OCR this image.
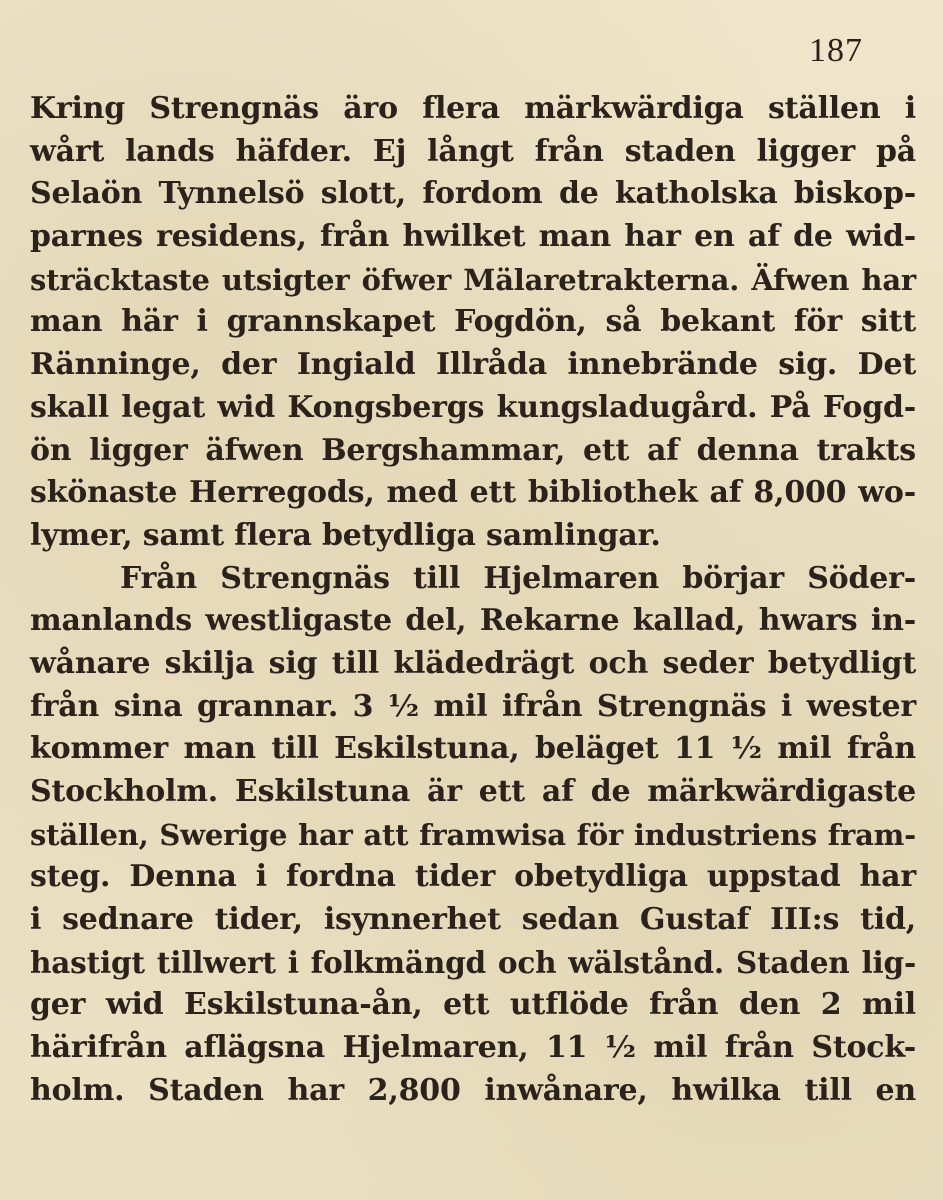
187
Kring Strengnäs äro flera märkwärdiga ställen i
wårt lands häfder. Ej långt från staden ligger på
Selaön Tynnelsö slott, fordom de katholska biskop-
parnes residens, från hwilket man har en af de wid-
sträcktaste utsigter öfwer Mälaretrakterna. Äfwen har
man här i grannskapet Fogdön, så bekant för sitt
Ränninge, der Ingiald Illråda innebrände sig. Det
skall legat wid Kongsbergs kungsladugård. På Fogd-
ön ligger äfwen Bergshammar, ett af denna trakts
skönaste Herregods, med ett bibliothek af 8,000 wo-
lymer, samt flera betydliga samlingar.
Från Strengnäs till Hjelmaren börjar Söder-
manlands westligaste del, Rekarne kallad, hwars in-
wånare skilja sig till klädedrägt och seder betydligt
från sina grannar. 3 ½ mil ifrån Strengnäs i wester
kommer man till Eskilstuna, beläget 11 ½ mil från
Stockholm. Eskilstuna är ett af de märkwärdigaste
ställen, Swerige har att framwisa för industriens fram-
steg. Denna i fordna tider obetydliga uppstad har
i sednare tider, isynnerhet sedan Gustaf III:s tid,
hastigt tillwert i folkmängd och wälstånd. Staden lig-
ger wid Eskilstuna-ån, ett utflöde från den 2 mil
härifrån aflägsna Hjelmaren, 11 ½ mil från Stock-
holm. Staden har 2,800 inwånare, hwilka till en
